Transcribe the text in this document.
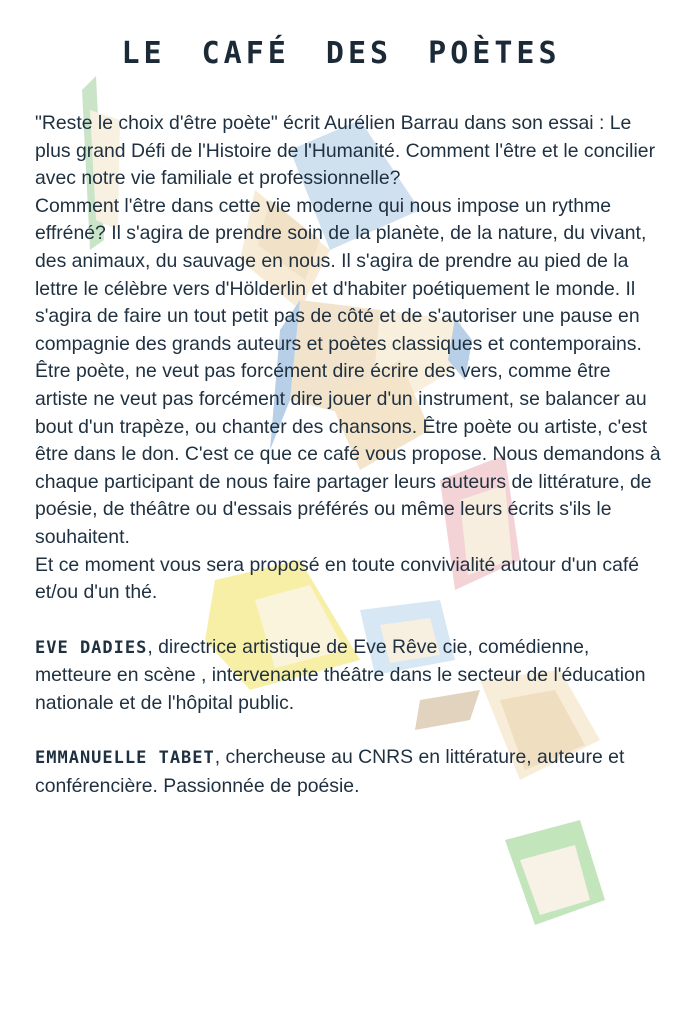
LE CAFÉ DES POÈTES

"Reste le choix d'être poète" écrit Aurélien Barrau dans son essai : Le plus grand Défi de l'Histoire de l'Humanité. Comment l'être et le concilier avec notre vie familiale et professionnelle?

Comment l'être dans cette vie moderne qui nous impose un rythme effréné? Il s'agira de prendre soin de la planète, de la nature, du vivant, des animaux, du sauvage en nous. Il s'agira de prendre au pied de la lettre le célèbre vers d'Hölderlin et d'habiter poétiquement le monde. Il s'agira de faire un tout petit pas de côté et de s'autoriser une pause en compagnie des grands auteurs et poètes classiques et contemporains.

Être poète, ne veut pas forcément dire écrire des vers, comme être artiste ne veut pas forcément dire jouer d'un instrument, se balancer au bout d'un trapèze, ou chanter des chansons. Être poète ou artiste, c'est être dans le don. C'est ce que ce café vous propose. Nous demandons à chaque participant de nous faire partager leurs auteurs de littérature, de poésie, de théâtre ou d'essais préférés ou même leurs écrits s'ils le souhaitent.

Et ce moment vous sera proposé en toute convivialité autour d'un café et/ou d'un thé.

EVE DADIES, directrice artistique de Eve Rêve cie, comédienne, metteure en scène , intervenante théâtre dans le secteur de l'éducation nationale et de l'hôpital public.

EMMANUELLE TABET, chercheuse au CNRS en littérature, auteure et conférencière. Passionnée de poésie.
